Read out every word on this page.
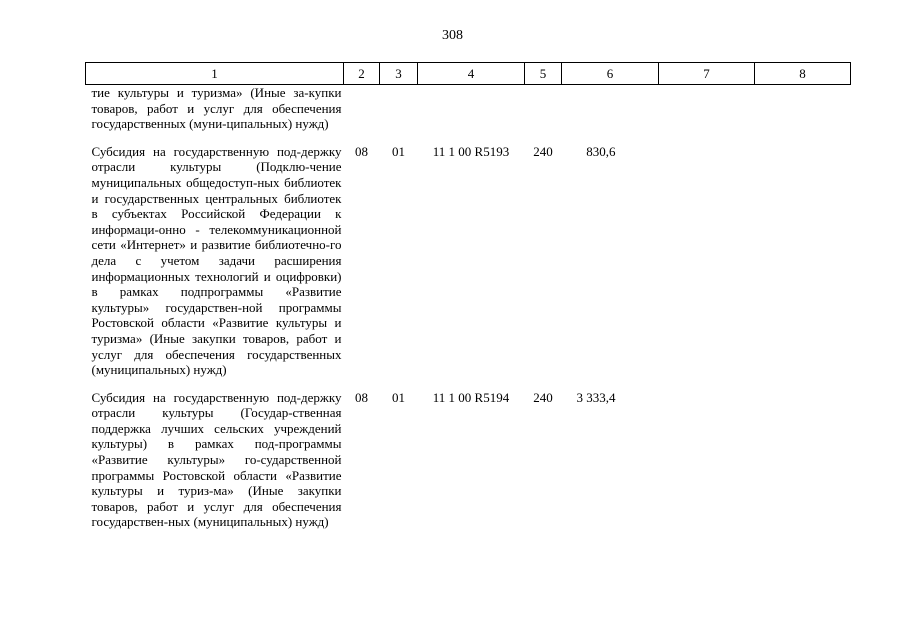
308
1	2	3	4	5	6	7	8
тие культуры и туризма» (Иные за-купки товаров, работ и услуг для обеспечения государственных (муни-ципальных) нужд)							
Субсидия на государственную под-держку отрасли культуры (Подклю-чение муниципальных общедоступ-ных библиотек и государственных центральных библиотек в субъектах Российской Федерации к информаци-онно - телекоммуникационной сети «Интернет» и развитие библиотечно-го дела с учетом задачи расширения информационных технологий и оцифровки) в рамках подпрограммы «Развитие культуры» государствен-ной программы Ростовской области «Развитие культуры и туризма» (Иные закупки товаров, работ и услуг для обеспечения государственных (муниципальных) нужд)	08	01	11 1 00 R5193	240	830,6		
Субсидия на государственную под-держку отрасли культуры (Государ-ственная поддержка лучших сельских учреждений культуры) в рамках под-программы «Развитие культуры» го-сударственной программы Ростовской области «Развитие культуры и туриз-ма» (Иные закупки товаров, работ и услуг для обеспечения государствен-ных (муниципальных) нужд)	08	01	11 1 00 R5194	240	3 333,4		
